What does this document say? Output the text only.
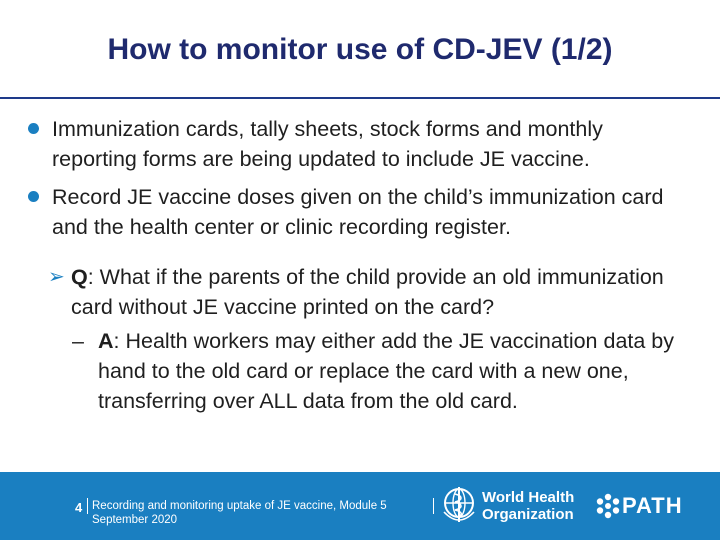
How to monitor use of CD-JEV (1/2)
Immunization cards, tally sheets, stock forms and monthly reporting forms are being updated to include JE vaccine.
Record JE vaccine doses given on the child’s immunization card and the health center or clinic recording register.
➢ Q: What if the parents of the child provide an old immunization card without JE vaccine printed on the card?
– A: Health workers may either add the JE vaccination data by hand to the old card or replace the card with a new one, transferring over ALL data from the old card.
4 Recording and monitoring uptake of JE vaccine, Module 5
September 2020
World Health
Organization PATH
